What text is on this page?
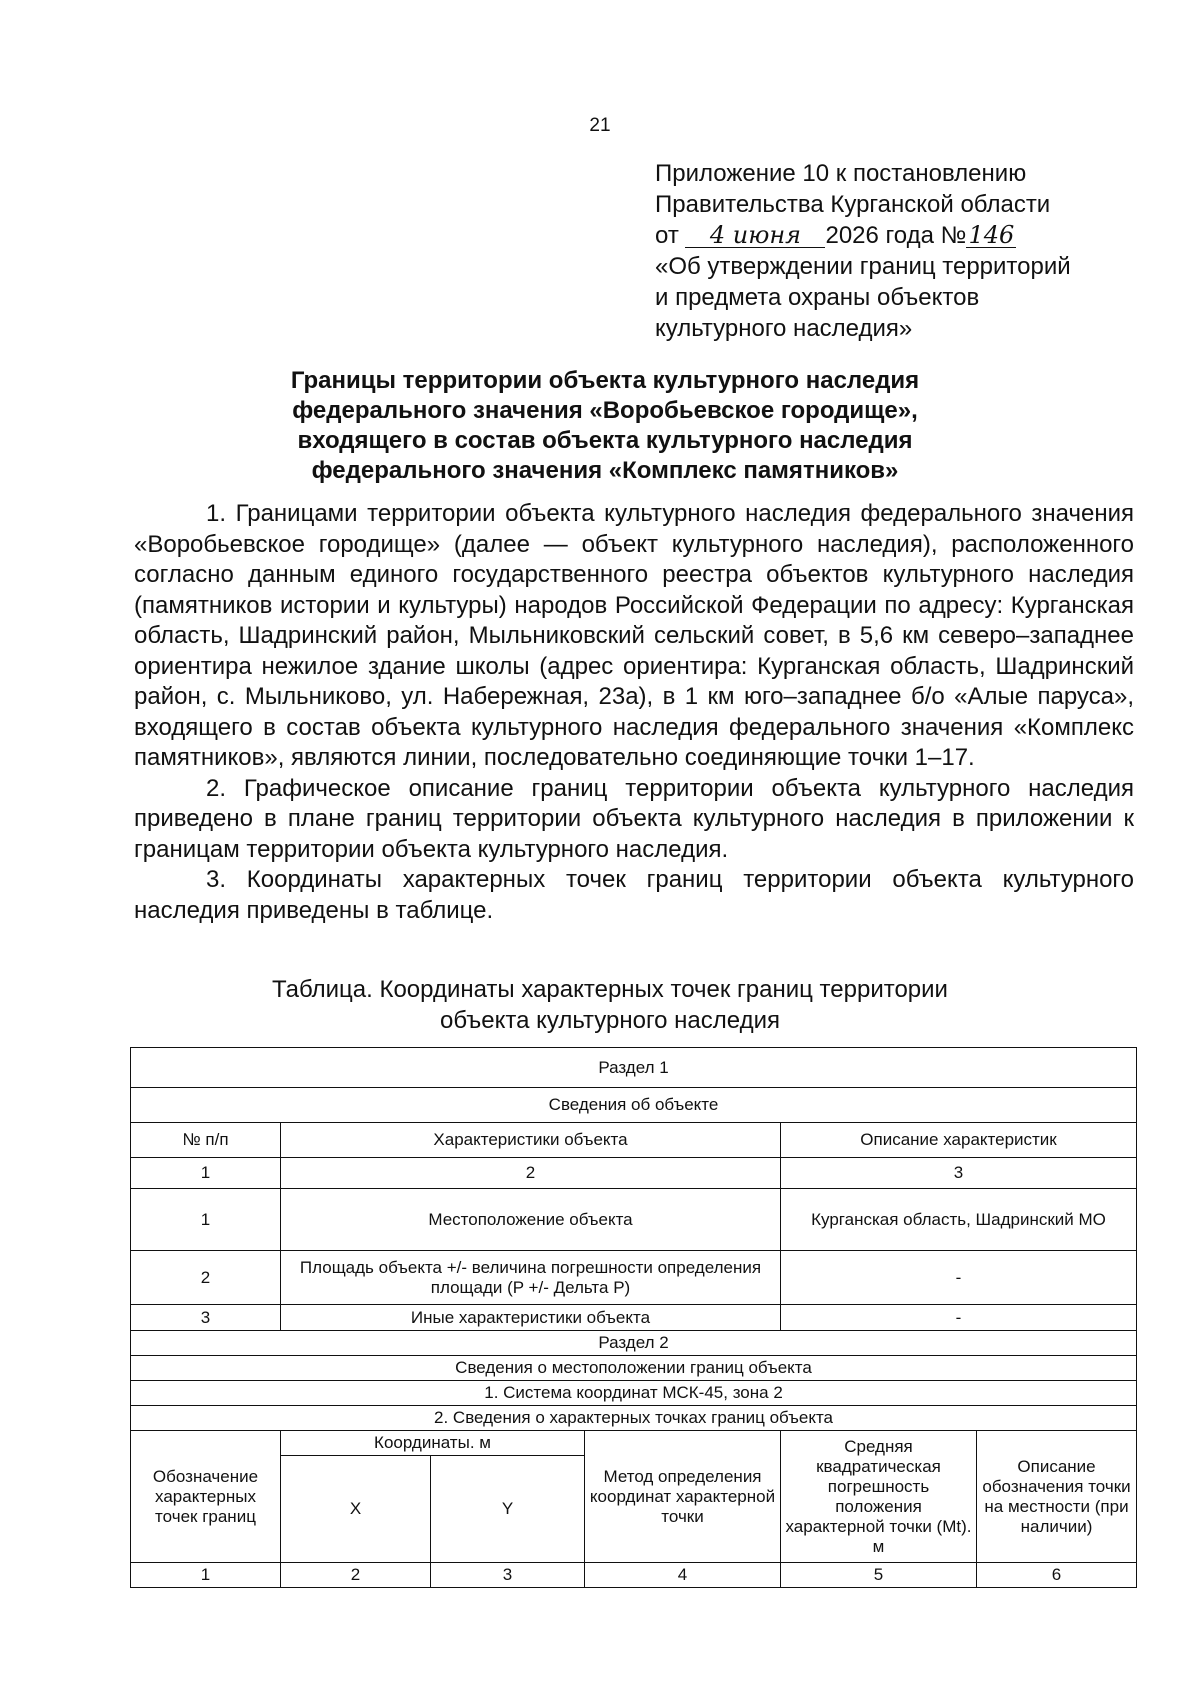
21
Приложение 10 к постановлению
Правительства Курганской области
от 4 июня 2026 года №146
«Об утверждении границ территорий
и предмета охраны объектов
культурного наследия»
Границы территории объекта культурного наследия
федерального значения «Воробьевское городище»,
входящего в состав объекта культурного наследия
федерального значения «Комплекс памятников»

1. Границами территории объекта культурного наследия федерального значения «Воробьевское городище» (далее — объект культурного наследия), расположенного согласно данным единого государственного реестра объектов культурного наследия (памятников истории и культуры) народов Российской Федерации по адресу: Курганская область, Шадринский район, Мыльниковский сельский совет, в 5,6 км северо–западнее ориентира нежилое здание школы (адрес ориентира: Курганская область, Шадринский район, с. Мыльниково, ул. Набережная, 23а), в 1 км юго–западнее б/о «Алые паруса», входящего в состав объекта культурного наследия федерального значения «Комплекс памятников», являются линии, последовательно соединяющие точки 1–17.

2. Графическое описание границ территории объекта культурного наследия приведено в плане границ территории объекта культурного наследия в приложении к границам территории объекта культурного наследия.

3. Координаты характерных точек границ территории объекта культурного наследия приведены в таблице.

Таблица. Координаты характерных точек границ территории
объекта культурного наследия
Раздел 1					
Сведения об объекте					
№ п/п	Характеристики объекта			Описание характеристик	
1	2			3	
1	Местоположение объекта			Курганская область, Шадринский МО	
2	Площадь объекта +/- величина погрешности определения площади (P +/- Дельта P)			-	
3	Иные характеристики объекта			-	
Раздел 2					
Сведения о местоположении границ объекта					
1. Система координат МСК-45, зона 2					
2. Сведения о характерных точках границ объекта					
Обозначение характерных точек границ	Координаты. м		Метод определения координат характерной точки	Средняя квадратическая погрешность положения характерной точки (Mt). м	Описание обозначения точки на местности (при наличии)
	X	Y			
1	2	3	4	5	6
